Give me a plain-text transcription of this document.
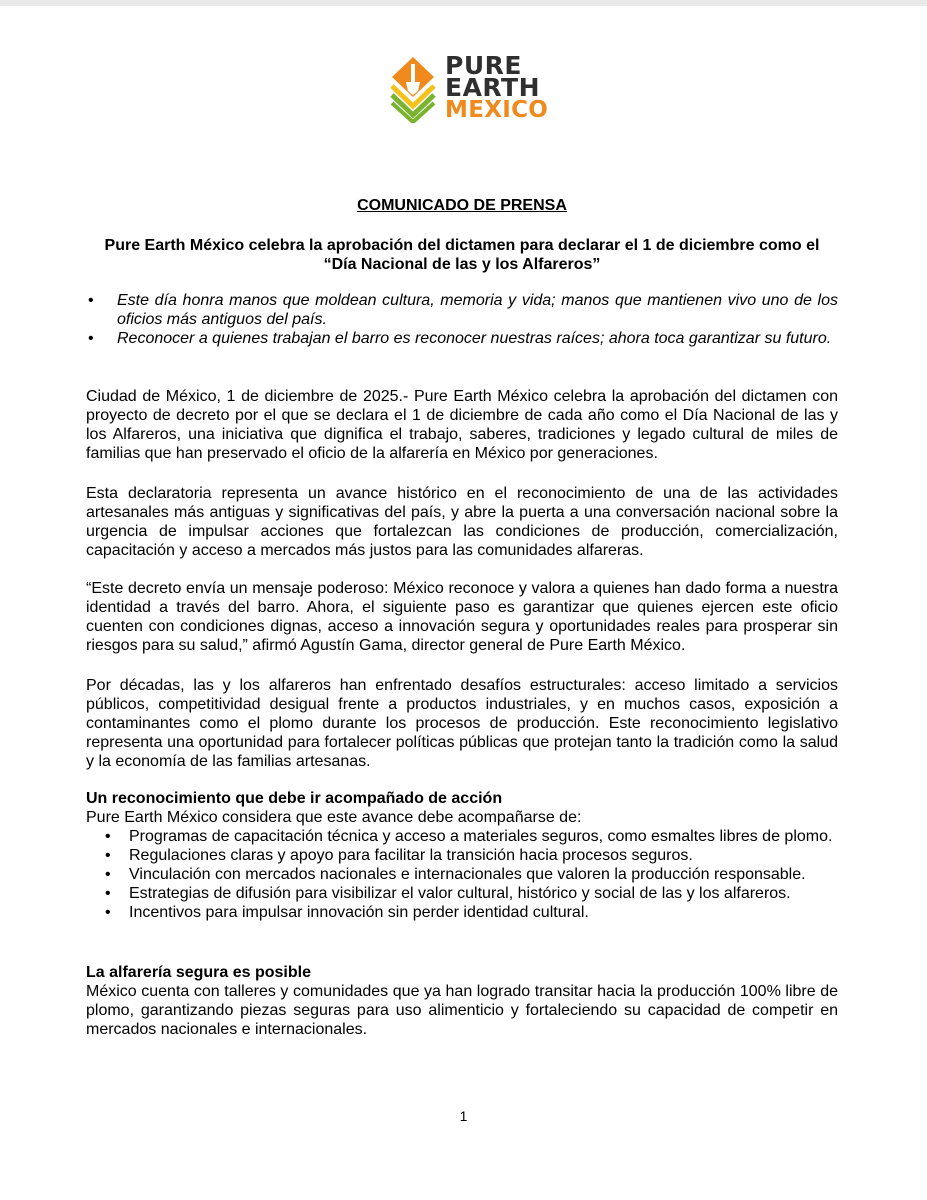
PURE
EARTH
MEXICO
COMUNICADO DE PRENSA

Pure Earth México celebra la aprobación del dictamen para declarar el 1 de diciembre como el “Día Nacional de las y los Alfareros”

• Este día honra manos que moldean cultura, memoria y vida; manos que mantienen vivo uno de los oficios más antiguos del país.
• Reconocer a quienes trabajan el barro es reconocer nuestras raíces; ahora toca garantizar su futuro.

Ciudad de México, 1 de diciembre de 2025.- Pure Earth México celebra la aprobación del dictamen con proyecto de decreto por el que se declara el 1 de diciembre de cada año como el Día Nacional de las y los Alfareros, una iniciativa que dignifica el trabajo, saberes, tradiciones y legado cultural de miles de familias que han preservado el oficio de la alfarería en México por generaciones.

Esta declaratoria representa un avance histórico en el reconocimiento de una de las actividades artesanales más antiguas y significativas del país, y abre la puerta a una conversación nacional sobre la urgencia de impulsar acciones que fortalezcan las condiciones de producción, comercialización, capacitación y acceso a mercados más justos para las comunidades alfareras.

“Este decreto envía un mensaje poderoso: México reconoce y valora a quienes han dado forma a nuestra identidad a través del barro. Ahora, el siguiente paso es garantizar que quienes ejercen este oficio cuenten con condiciones dignas, acceso a innovación segura y oportunidades reales para prosperar sin riesgos para su salud,” afirmó Agustín Gama, director general de Pure Earth México.

Por décadas, las y los alfareros han enfrentado desafíos estructurales: acceso limitado a servicios públicos, competitividad desigual frente a productos industriales, y en muchos casos, exposición a contaminantes como el plomo durante los procesos de producción. Este reconocimiento legislativo representa una oportunidad para fortalecer políticas públicas que protejan tanto la tradición como la salud y la economía de las familias artesanas.

Un reconocimiento que debe ir acompañado de acción

Pure Earth México considera que este avance debe acompañarse de:

• Programas de capacitación técnica y acceso a materiales seguros, como esmaltes libres de plomo.
• Regulaciones claras y apoyo para facilitar la transición hacia procesos seguros.
• Vinculación con mercados nacionales e internacionales que valoren la producción responsable.
• Estrategias de difusión para visibilizar el valor cultural, histórico y social de las y los alfareros.
• Incentivos para impulsar innovación sin perder identidad cultural.

La alfarería segura es posible

México cuenta con talleres y comunidades que ya han logrado transitar hacia la producción 100% libre de plomo, garantizando piezas seguras para uso alimenticio y fortaleciendo su capacidad de competir en mercados nacionales e internacionales.

1
